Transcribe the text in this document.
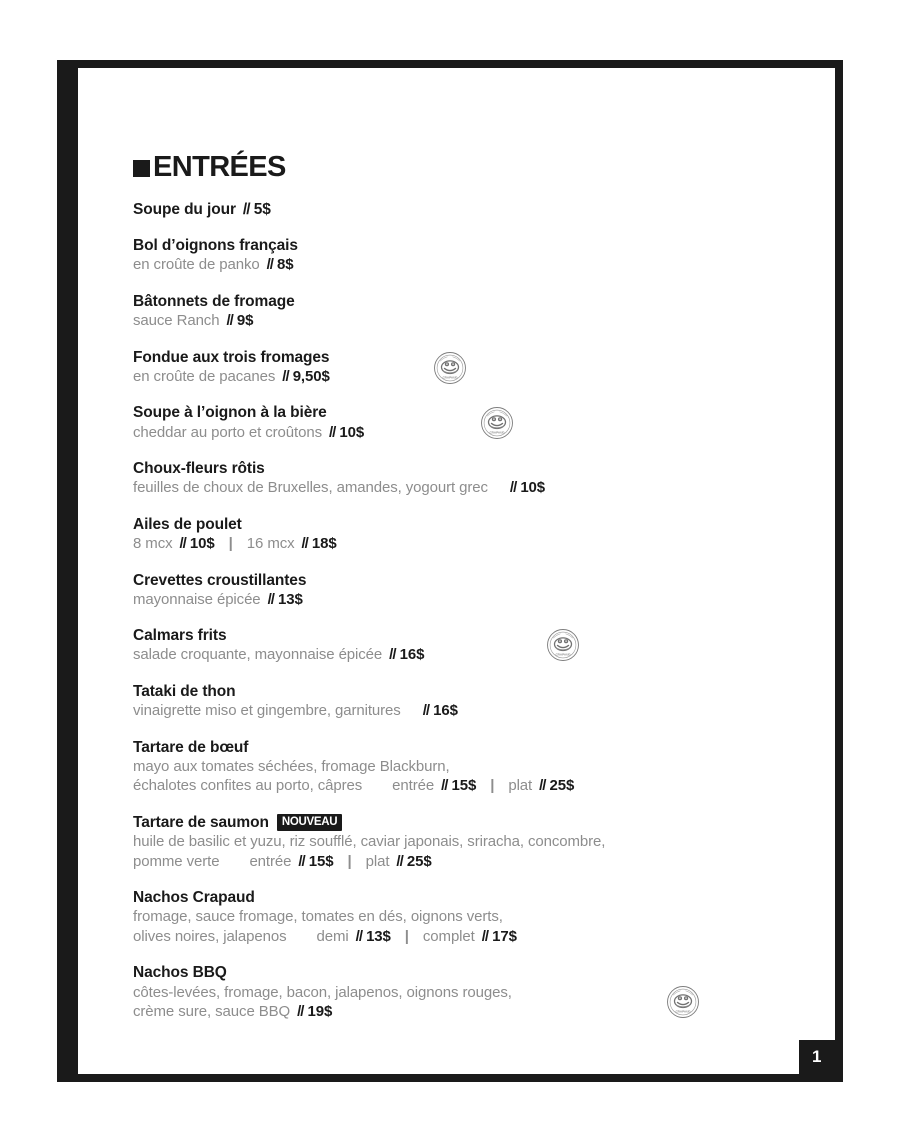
ENTRÉES
Soupe du jour // 5$
Bol d’oignons français
en croûte de panko // 8$
Bâtonnets de fromage
sauce Ranch // 9$
Fondue aux trois fromages
en croûte de pacanes // 9,50$	CRAPAUD
Soupe à l’oignon à la bière
cheddar au porto et croûtons // 10$	CRAPAUD
Choux-fleurs rôtis
feuilles de choux de Bruxelles, amandes, yogourt grec // 10$
Ailes de poulet
8 mcx // 10$ | 16 mcx // 18$
Crevettes croustillantes
mayonnaise épicée // 13$
Calmars frits
salade croquante, mayonnaise épicée // 16$	CRAPAUD
Tataki de thon
vinaigrette miso et gingembre, garnitures // 16$
Tartare de bœuf
mayo aux tomates séchées, fromage Blackburn,
échalotes confites au porto, câpres entrée // 15$ | plat // 25$
Tartare de saumon	NOUVEAU
huile de basilic et yuzu, riz soufflé, caviar japonais, sriracha, concombre,
pomme verte entrée // 15$ | plat // 25$
Nachos Crapaud
fromage, sauce fromage, tomates en dés, oignons verts,
olives noires, jalapenos demi // 13$ | complet // 17$
Nachos BBQ
côtes-levées, fromage, bacon, jalapenos, oignons rouges,
crème sure, sauce BBQ // 19$	CRAPAUD
1
